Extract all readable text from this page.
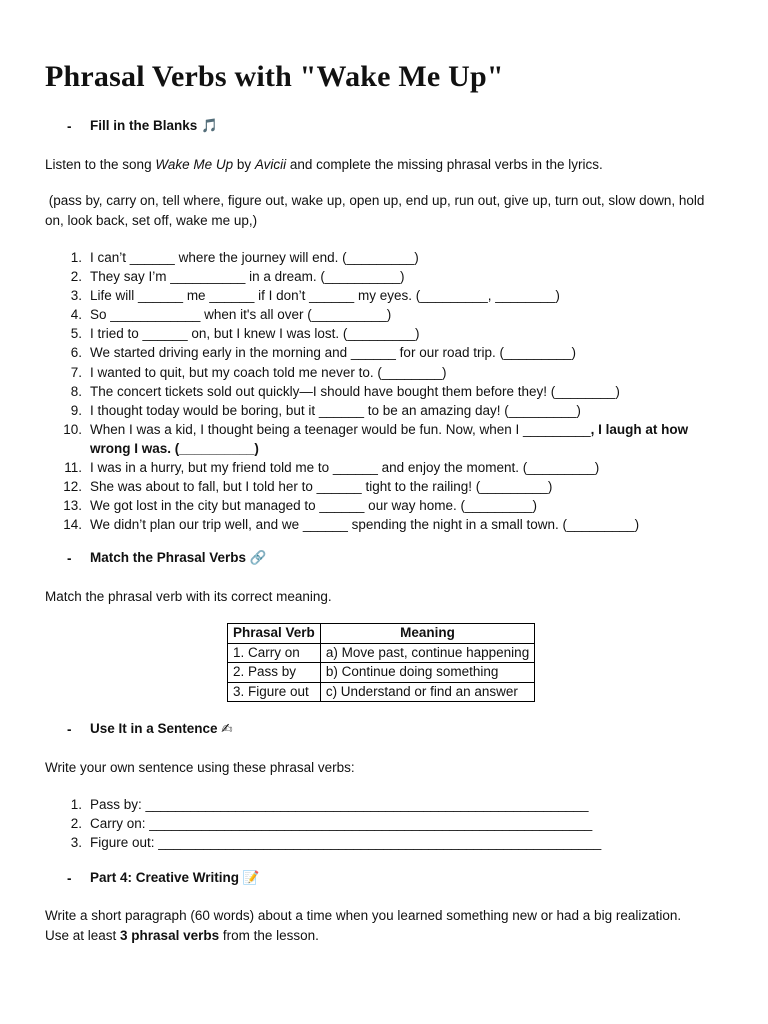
Phrasal Verbs with "Wake Me Up"
-	Fill in the Blanks 🎵
Listen to the song Wake Me Up by Avicii and complete the missing phrasal verbs in the lyrics.
(pass by, carry on, tell where, figure out, wake up, open up, end up, run out, give up, turn out, slow down, hold on, look back, set off, wake me up,)
1. I can’t ______ where the journey will end. (_________)
2. They say I’m __________ in a dream. (__________)
3. Life will ______ me ______ if I don’t ______ my eyes. (_________, ________)
4. So ____________ when it's all over (__________)
5. I tried to ______ on, but I knew I was lost. (_________)
6. We started driving early in the morning and ______ for our road trip. (_________)
7. I wanted to quit, but my coach told me never to. (________)
8. The concert tickets sold out quickly—I should have bought them before they! (________)
9. I thought today would be boring, but it ______ to be an amazing day! (_________)
10. When I was a kid, I thought being a teenager would be fun. Now, when I _________, I laugh at how wrong I was. (__________)
11. I was in a hurry, but my friend told me to ______ and enjoy the moment. (_________)
12. She was about to fall, but I told her to ______ tight to the railing! (_________)
13. We got lost in the city but managed to ______ our way home. (_________)
14. We didn’t plan our trip well, and we ______ spending the night in a small town. (_________)
-	Match the Phrasal Verbs 🔗
Match the phrasal verb with its correct meaning.
Phrasal Verb	Meaning
1. Carry on	a) Move past, continue happening
2. Pass by	b) Continue doing something
3. Figure out	c) Understand or find an answer
-	Use It in a Sentence ✍
Write your own sentence using these phrasal verbs:
1. Pass by: ___________________________________________________________
2. Carry on: ___________________________________________________________
3. Figure out: ___________________________________________________________
-	Part 4: Creative Writing 📝
Write a short paragraph (60 words) about a time when you learned something new or had a big realization. Use at least 3 phrasal verbs from the lesson.
